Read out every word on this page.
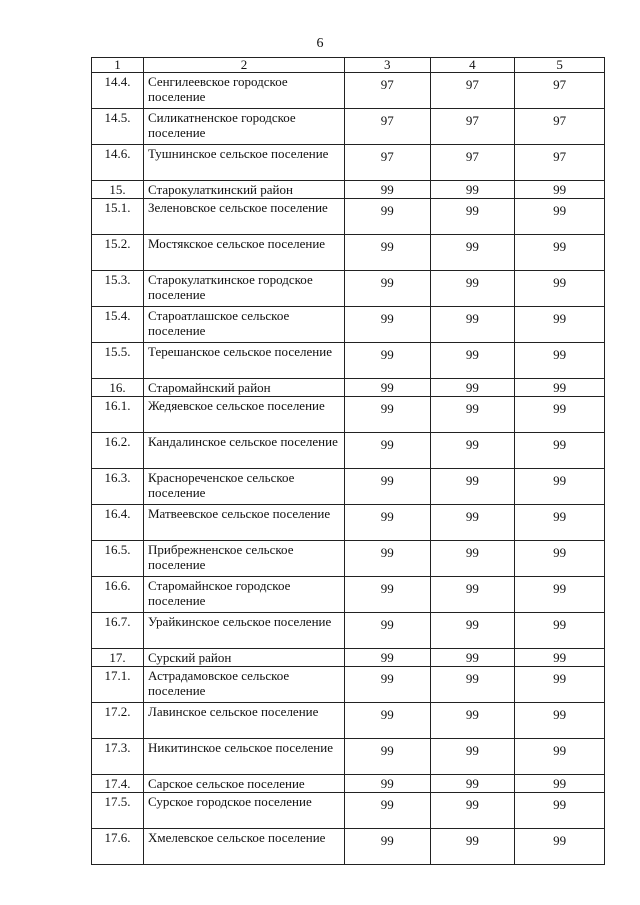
6
1	2	3	4	5
14.4.	Сенгилеевское городское поселение	97	97	97
14.5.	Силикатненское городское поселение	97	97	97
14.6.	Тушнинское сельское поселение	97	97	97
15.	Старокулаткинский район	99	99	99
15.1.	Зеленовское сельское поселение	99	99	99
15.2.	Мостякское сельское поселение	99	99	99
15.3.	Старокулаткинское городское поселение	99	99	99
15.4.	Староатлашское сельское поселение	99	99	99
15.5.	Терешанское сельское поселение	99	99	99
16.	Старомайнский район	99	99	99
16.1.	Жедяевское сельское поселение	99	99	99
16.2.	Кандалинское сельское поселение	99	99	99
16.3.	Краснореченское сельское поселение	99	99	99
16.4.	Матвеевское сельское поселение	99	99	99
16.5.	Прибрежненское сельское поселение	99	99	99
16.6.	Старомайнское городское поселение	99	99	99
16.7.	Урайкинское сельское поселение	99	99	99
17.	Сурский район	99	99	99
17.1.	Астрадамовское сельское поселение	99	99	99
17.2.	Лавинское сельское поселение	99	99	99
17.3.	Никитинское сельское поселение	99	99	99
17.4.	Сарское сельское поселение	99	99	99
17.5.	Сурское городское поселение	99	99	99
17.6.	Хмелевское сельское поселение	99	99	99
